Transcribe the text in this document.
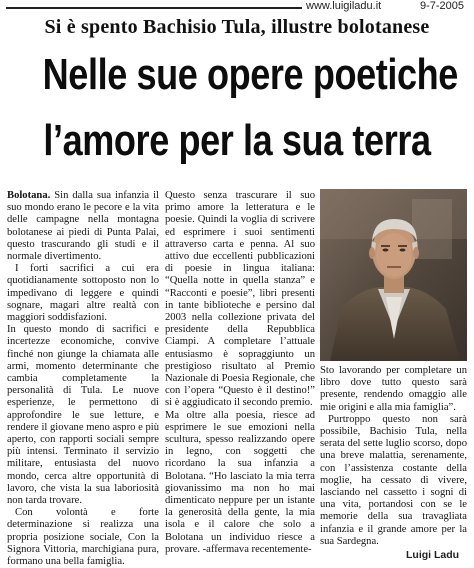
www.luigiladu.it	9-7-2005
Si è spento Bachisio Tula, illustre bolotanese
Nelle sue opere poetiche
l’amore per la sua terra

Bolotana. Sin dalla sua infanzia il suo mondo erano le pecore e la vita delle campagne nella montagna bolotanese ai piedi di Punta Palai, questo trascurando gli studi e il normale divertimento.

I forti sacrifici a cui era quotidianamente sottoposto non lo impedivano di leggere e quindi sognare, magari altre realtà con maggiori soddisfazioni.

In questo mondo di sacrifici e incertezze economiche, convive finché non giunge la chiamata alle armi, momento determinante che cambia completamente la personalità di Tula. Le nuove esperienze, le permettono di approfondire le sue letture, e rendere il giovane meno aspro e più aperto, con rapporti sociali sempre più intensi. Terminato il servizio militare, entusiasta del nuovo mondo, cerca altre opportunità di lavoro, che vista la sua laboriosità non tarda trovare.

Con volontà e forte determinazione si realizza una propria posizione sociale, Con la Signora Vittoria, marchigiana pura, formano una bella famiglia.

Questo senza trascurare il suo primo amore la letteratura e le poesie. Quindi la voglia di scrivere ed esprimere i suoi sentimenti attraverso carta e penna. Al suo attivo due eccellenti pubblicazioni di poesie in lingua italiana: “Quella notte in quella stanza” e “Racconti e poesie”, libri presenti in tante biblioteche e persino dal 2003 nella collezione privata del presidente della Repubblica Ciampi. A completare l’attuale entusiasmo è sopraggiunto un prestigioso risultato al Premio Nazionale di Poesia Regionale, che con l’opera “Questo è il destino!” si è aggiudicato il secondo premio.

Ma oltre alla poesia, riesce ad esprimere le sue emozioni nella scultura, spesso realizzando opere in legno, con soggetti che ricordano la sua infanzia a Bolotana. “Ho lasciato la mia terra giovanissimo ma non ho mai dimenticato neppure per un istante la generosità della gente, la mia isola e il calore che solo a Bolotana un individuo riesce a provare. -affermava recentemente-

Sto lavorando per completare un libro dove tutto questo sarà presente, rendendo omaggio alle mie origini e alla mia famiglia”.

Purtroppo questo non sarà possibile, Bachisio Tula, nella serata del sette luglio scorso, dopo una breve malattia, serenamente, con l’assistenza costante della moglie, ha cessato di vivere, lasciando nel cassetto i sogni di una vita, portandosi con se le memorie della sua travagliata infanzia e il grande amore per la sua Sardegna.

Luigi Ladu
